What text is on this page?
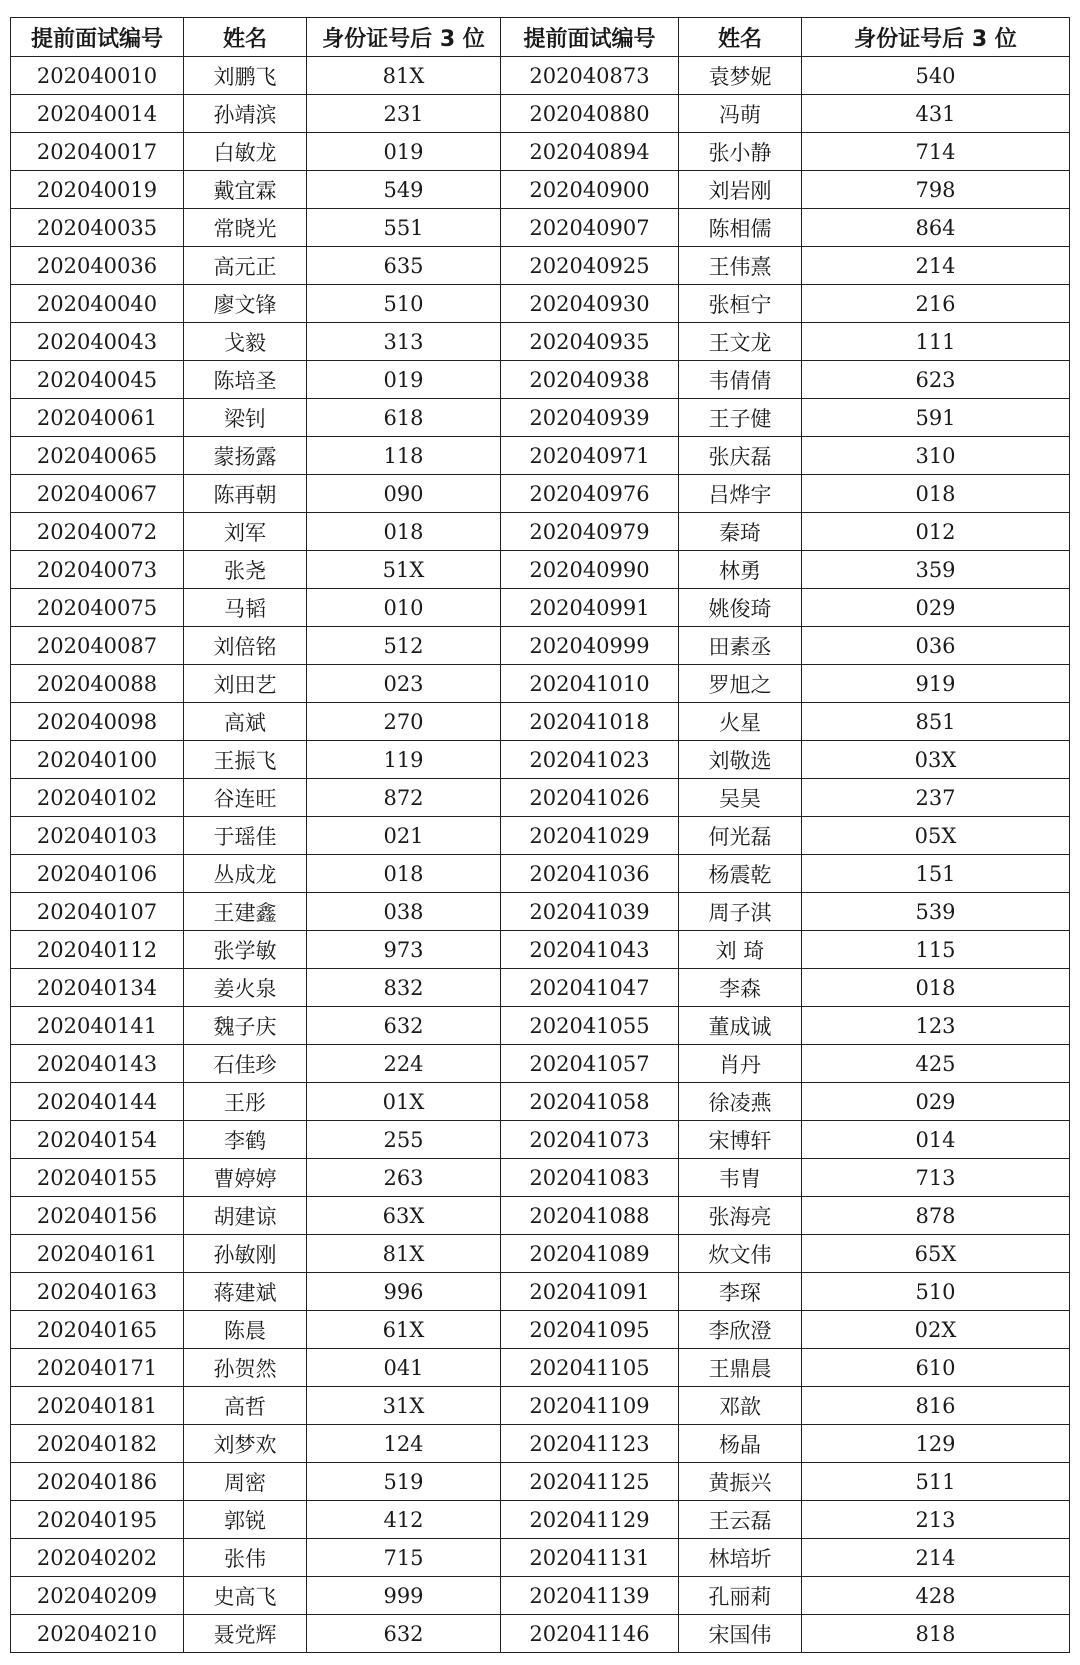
提前面试编号	姓名	身份证号后 3 位	提前面试编号	姓名	身份证号后 3 位
202040010	刘鹏飞	81X	202040873	袁梦妮	540
202040014	孙靖滨	231	202040880	冯萌	431
202040017	白敏龙	019	202040894	张小静	714
202040019	戴宜霖	549	202040900	刘岩刚	798
202040035	常晓光	551	202040907	陈相儒	864
202040036	高元正	635	202040925	王伟熹	214
202040040	廖文锋	510	202040930	张桓宁	216
202040043	戈毅	313	202040935	王文龙	111
202040045	陈培圣	019	202040938	韦倩倩	623
202040061	梁钊	618	202040939	王子健	591
202040065	蒙扬露	118	202040971	张庆磊	310
202040067	陈再朝	090	202040976	吕烨宇	018
202040072	刘军	018	202040979	秦琦	012
202040073	张尧	51X	202040990	林勇	359
202040075	马韬	010	202040991	姚俊琦	029
202040087	刘倍铭	512	202040999	田素丞	036
202040088	刘田艺	023	202041010	罗旭之	919
202040098	高斌	270	202041018	火星	851
202040100	王振飞	119	202041023	刘敬选	03X
202040102	谷连旺	872	202041026	吴昊	237
202040103	于瑶佳	021	202041029	何光磊	05X
202040106	丛成龙	018	202041036	杨震乾	151
202040107	王建鑫	038	202041039	周子淇	539
202040112	张学敏	973	202041043	刘 琦	115
202040134	姜火泉	832	202041047	李森	018
202040141	魏子庆	632	202041055	董成诚	123
202040143	石佳珍	224	202041057	肖丹	425
202040144	王彤	01X	202041058	徐凌燕	029
202040154	李鹤	255	202041073	宋博轩	014
202040155	曹婷婷	263	202041083	韦胄	713
202040156	胡建谅	63X	202041088	张海亮	878
202040161	孙敏刚	81X	202041089	炊文伟	65X
202040163	蒋建斌	996	202041091	李琛	510
202040165	陈晨	61X	202041095	李欣澄	02X
202040171	孙贺然	041	202041105	王鼎晨	610
202040181	高哲	31X	202041109	邓歆	816
202040182	刘梦欢	124	202041123	杨晶	129
202040186	周密	519	202041125	黄振兴	511
202040195	郭锐	412	202041129	王云磊	213
202040202	张伟	715	202041131	林培圻	214
202040209	史高飞	999	202041139	孔丽莉	428
202040210	聂党辉	632	202041146	宋国伟	818
